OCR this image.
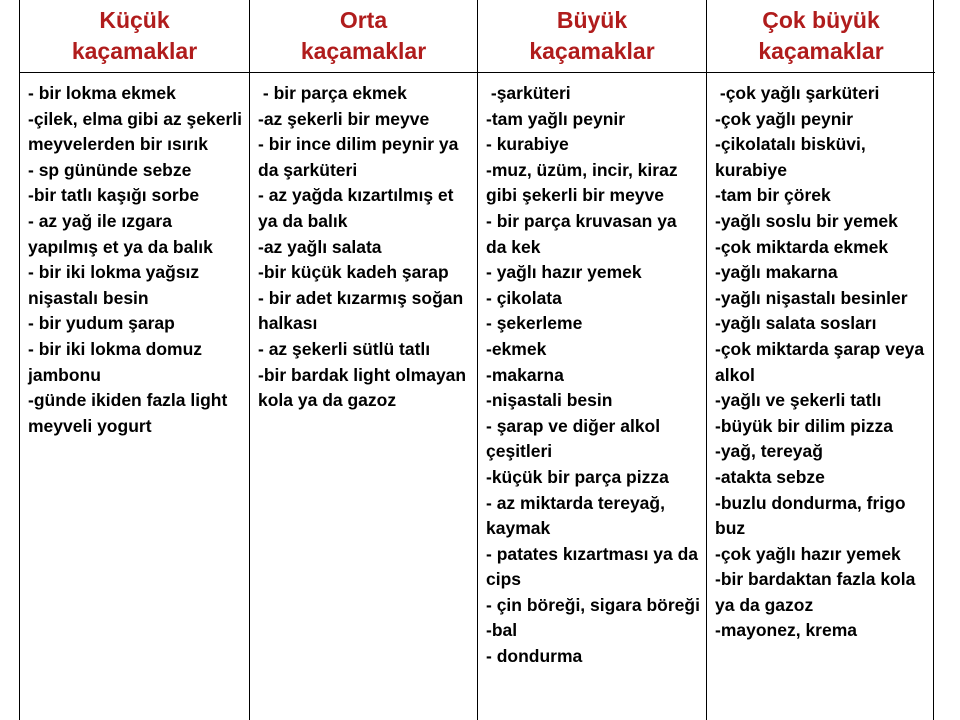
Küçük
kaçamaklar
Orta
kaçamaklar
Büyük
kaçamaklar
Çok büyük
kaçamaklar
- bir lokma ekmek
-çilek, elma gibi az şekerli meyvelerden bir ısırık
- sp gününde sebze
-bir tatlı kaşığı sorbe
- az yağ ile ızgara yapılmış et ya da balık
- bir iki lokma yağsız nişastalı besin
- bir yudum şarap
- bir iki lokma domuz jambonu
-günde ikiden fazla light meyveli yogurt
- bir parça ekmek
-az şekerli bir meyve
- bir ince dilim peynir ya da şarküteri
- az yağda kızartılmış et ya da balık
-az yağlı salata
-bir küçük kadeh şarap
- bir adet kızarmış soğan halkası
- az şekerli sütlü tatlı
-bir bardak light olmayan kola ya da gazoz
-şarküteri
-tam yağlı peynir
- kurabiye
-muz, üzüm, incir, kiraz gibi şekerli bir meyve
- bir parça kruvasan ya da kek
- yağlı hazır yemek
- çikolata
- şekerleme
-ekmek
-makarna
-nişastali besin
- şarap ve diğer alkol çeşitleri
-küçük bir parça pizza
- az miktarda tereyağ, kaymak
- patates kızartması ya da cips
- çin böreği, sigara böreği
-bal
- dondurma
-çok yağlı şarküteri
-çok yağlı peynir
-çikolatalı bisküvi, kurabiye
-tam bir çörek
-yağlı soslu bir yemek
-çok miktarda ekmek
-yağlı makarna
-yağlı nişastalı besinler
-yağlı salata sosları
-çok miktarda şarap veya alkol
-yağlı ve şekerli tatlı
-büyük bir dilim pizza
-yağ, tereyağ
-atakta sebze
-buzlu dondurma, frigo buz
-çok yağlı hazır yemek
-bir bardaktan fazla kola ya da gazoz
-mayonez, krema
